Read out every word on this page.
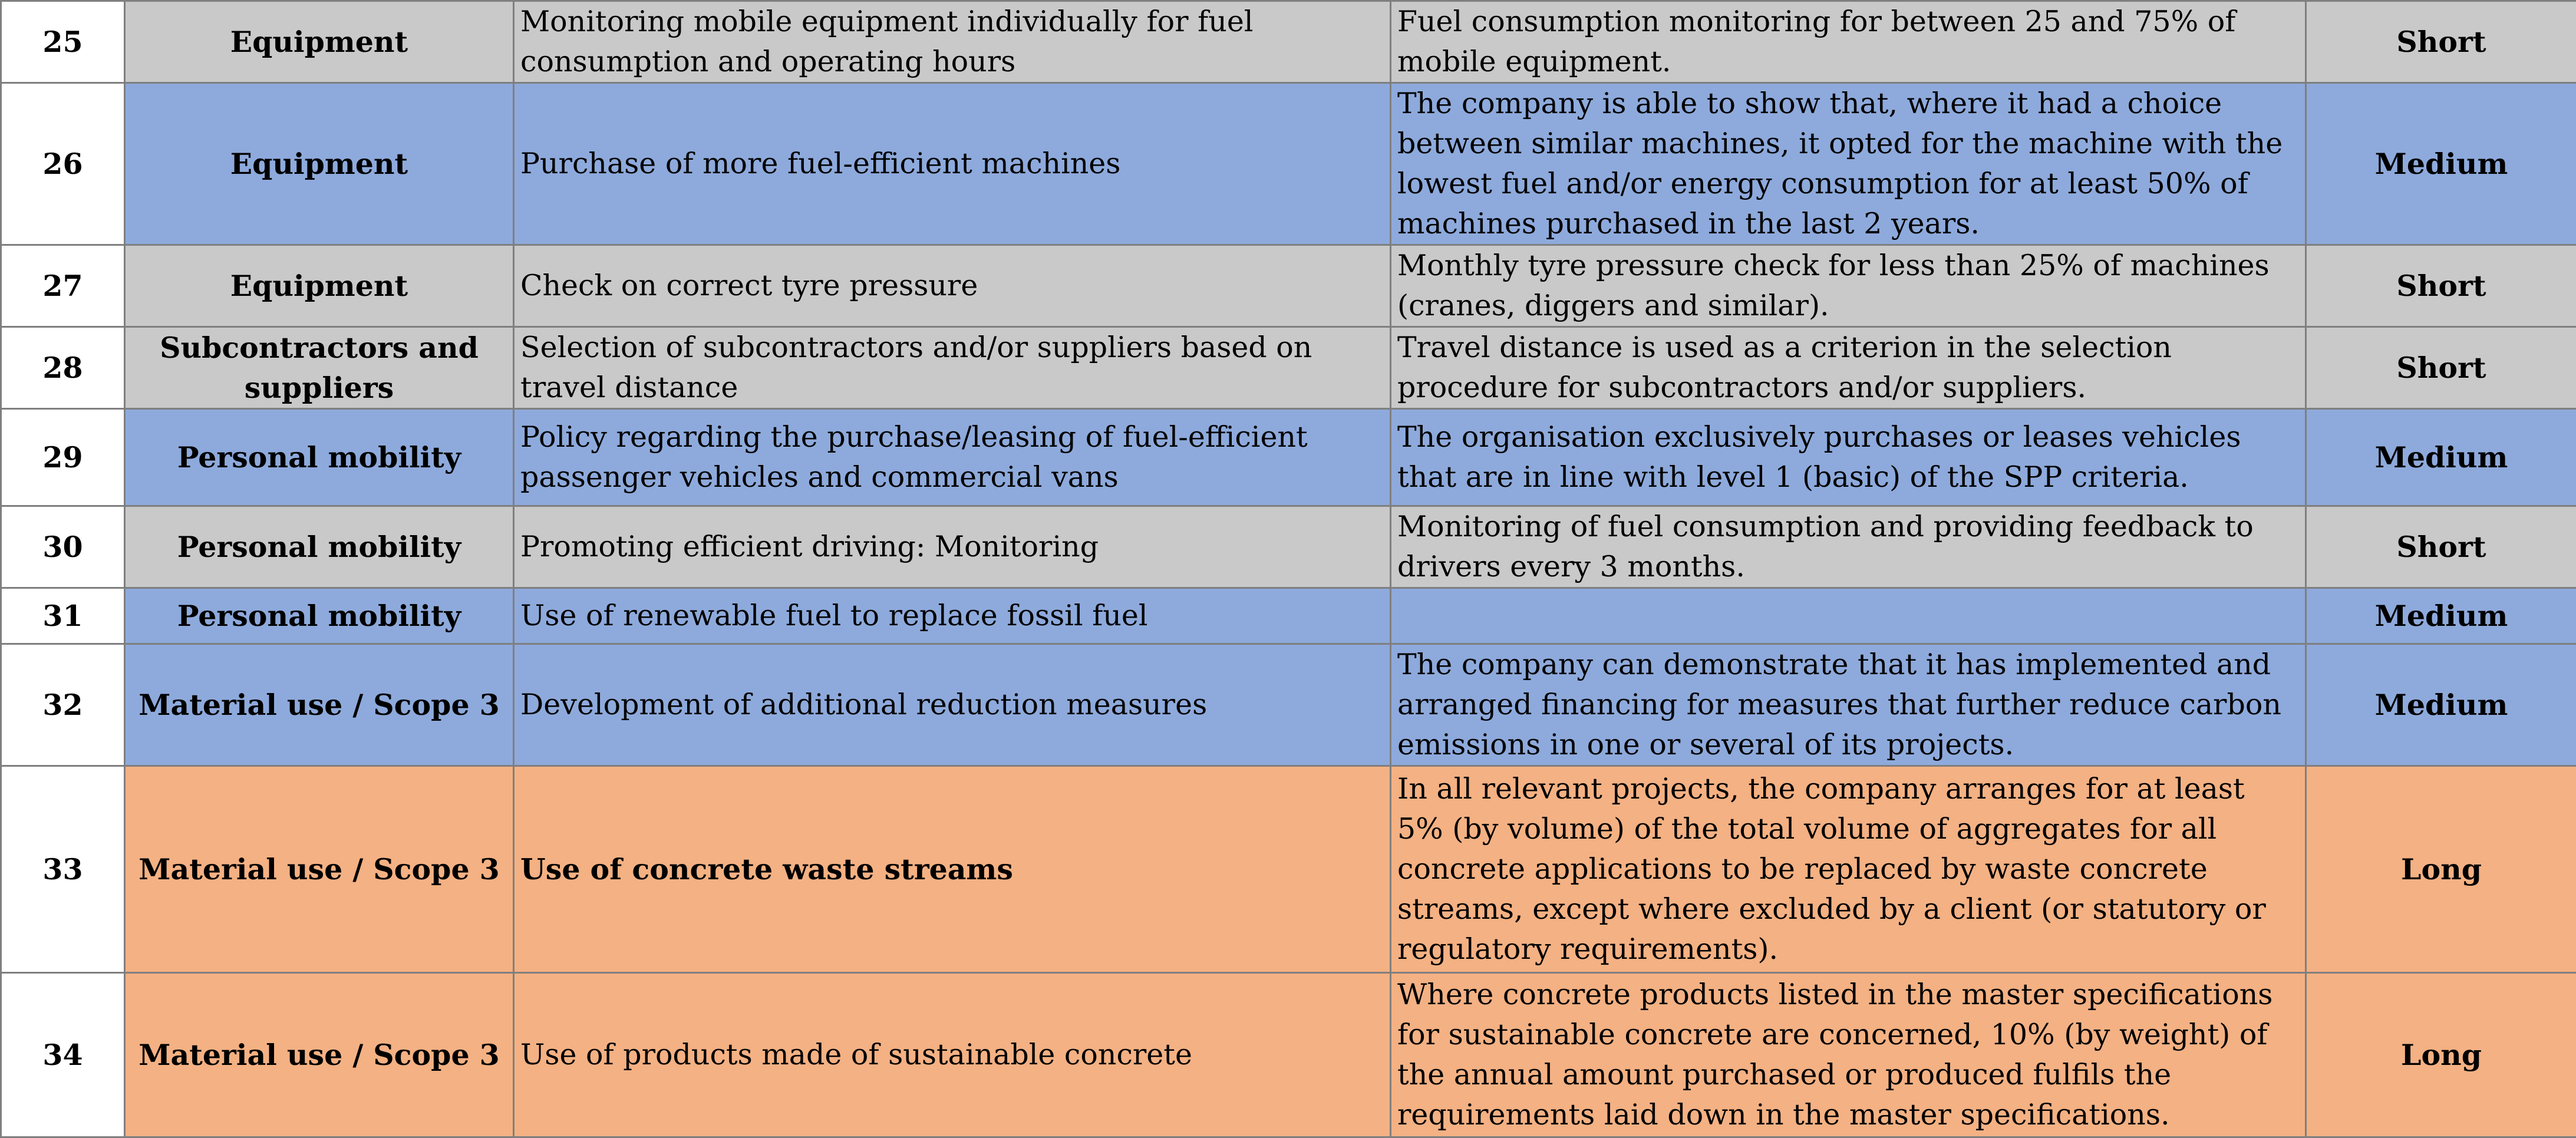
25	Equipment	Monitoring mobile equipment individually for fuel consumption and operating hours	Fuel consumption monitoring for between 25 and 75% of mobile equipment.	Short
26	Equipment	Purchase of more fuel-efficient machines	The company is able to show that, where it had a choice between similar machines, it opted for the machine with the lowest fuel and/or energy consumption for at least 50% of machines purchased in the last 2 years.	Medium
27	Equipment	Check on correct tyre pressure	Monthly tyre pressure check for less than 25% of machines (cranes, diggers and similar).	Short
28	Subcontractors and suppliers	Selection of subcontractors and/or suppliers based on travel distance	Travel distance is used as a criterion in the selection procedure for subcontractors and/or suppliers.	Short
29	Personal mobility	Policy regarding the purchase/leasing of fuel-efficient passenger vehicles and commercial vans	The organisation exclusively purchases or leases vehicles that are in line with level 1 (basic) of the SPP criteria.	Medium
30	Personal mobility	Promoting efficient driving: Monitoring	Monitoring of fuel consumption and providing feedback to drivers every 3 months.	Short
31	Personal mobility	Use of renewable fuel to replace fossil fuel		Medium
32	Material use / Scope 3	Development of additional reduction measures	The company can demonstrate that it has implemented and arranged financing for measures that further reduce carbon emissions in one or several of its projects.	Medium
33	Material use / Scope 3	Use of concrete waste streams	In all relevant projects, the company arranges for at least 5% (by volume) of the total volume of aggregates for all concrete applications to be replaced by waste concrete streams, except where excluded by a client (or statutory or regulatory requirements).	Long
34	Material use / Scope 3	Use of products made of sustainable concrete	Where concrete products listed in the master specifications for sustainable concrete are concerned, 10% (by weight) of the annual amount purchased or produced fulfils the requirements laid down in the master specifications.	Long
